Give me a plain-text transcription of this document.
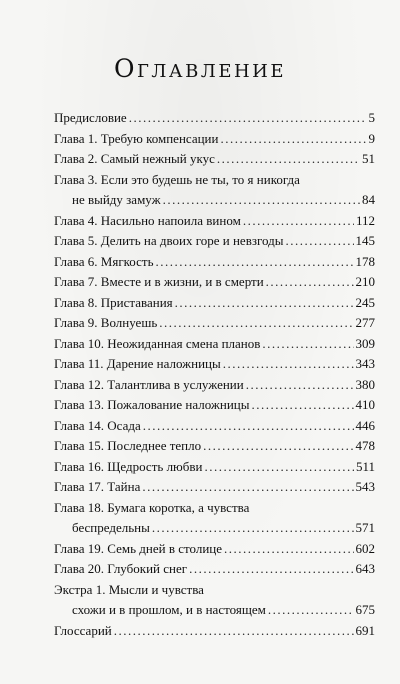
Оглавление
Предисловие .....	5
Глава 1. Требую компенсации .....	9
Глава 2. Самый нежный укус .....	51
Глава 3. Если это будешь не ты, то я никогда
не выйду замуж .....	84
Глава 4. Насильно напоила вином .....	112
Глава 5. Делить на двоих горе и невзгоды .....	145
Глава 6. Мягкость .....	178
Глава 7. Вместе и в жизни, и в смерти .....	210
Глава 8. Приставания .....	245
Глава 9. Волнуешь .....	277
Глава 10. Неожиданная смена планов .....	309
Глава 11. Дарение наложницы .....	343
Глава 12. Талантлива в услужении .....	380
Глава 13. Пожалование наложницы .....	410
Глава 14. Осада .....	446
Глава 15. Последнее тепло .....	478
Глава 16. Щедрость любви .....	511
Глава 17. Тайна .....	543
Глава 18. Бумага коротка, а чувства
беспредельны .....	571
Глава 19. Семь дней в столице .....	602
Глава 20. Глубокий снег .....	643
Экстра 1. Мысли и чувства
схожи и в прошлом, и в настоящем .....	675
Глоссарий .....	691
